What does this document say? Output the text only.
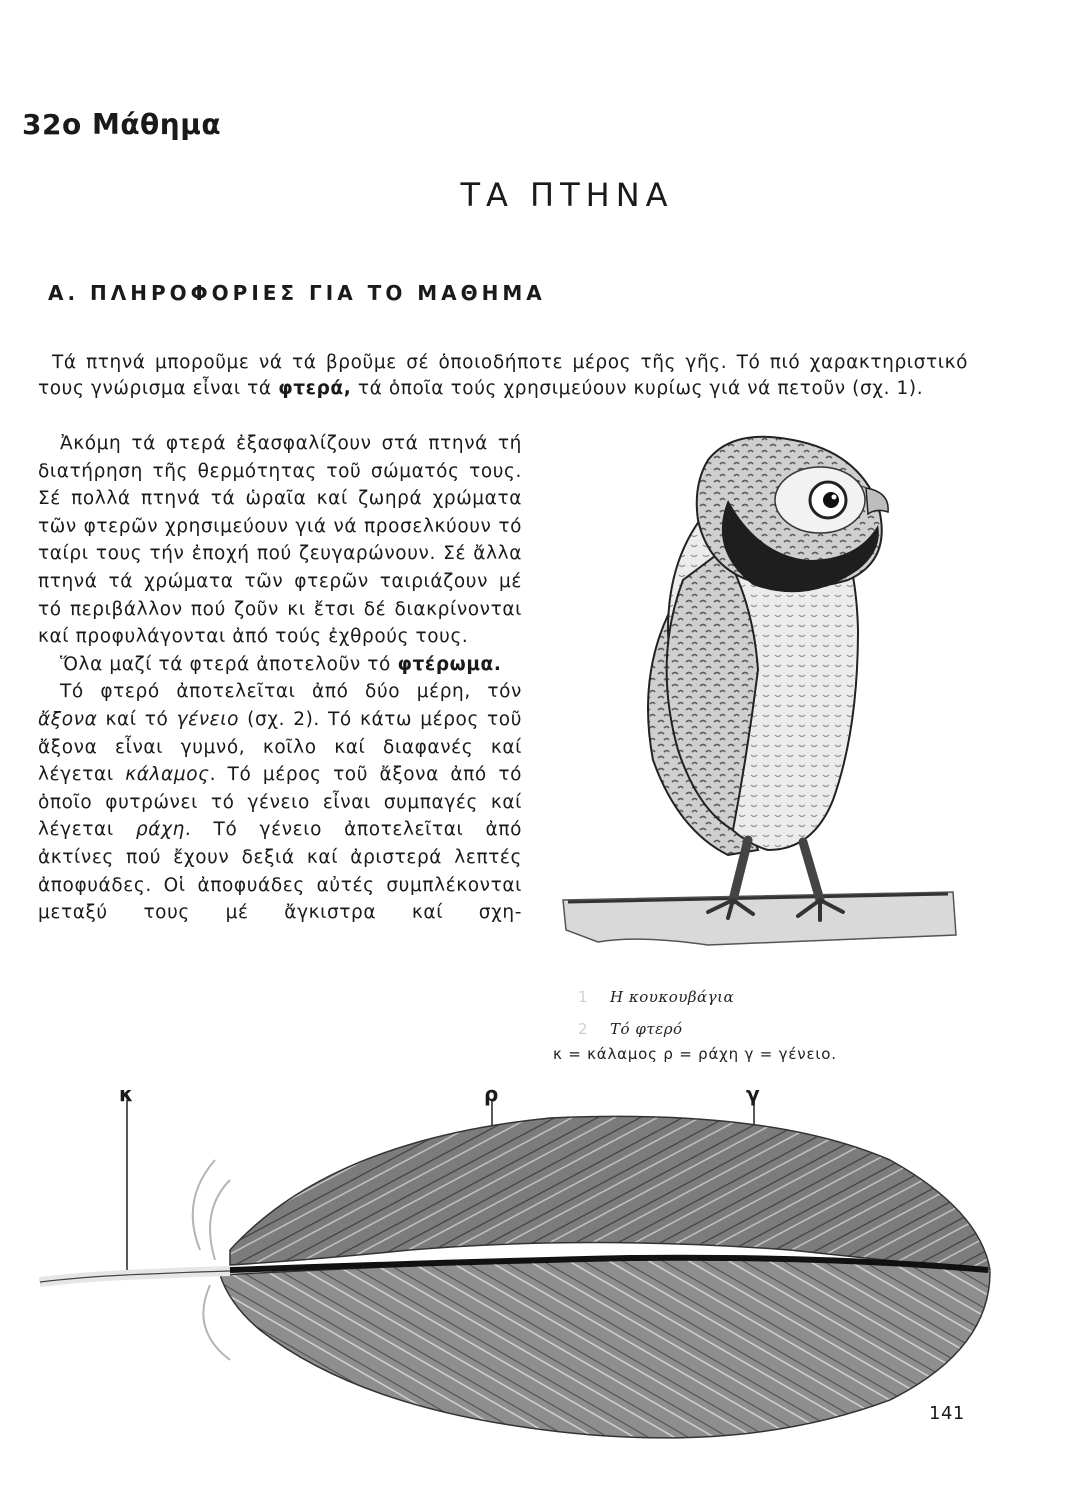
32ο Μάθημα
ΤΑ ΠΤΗΝΑ
Α. ΠΛΗΡΟΦΟΡΙΕΣ ΓΙΑ ΤΟ ΜΑΘΗΜΑ

Τά πτηνά μποροῦμε νά τά βροῦμε σέ ὁποιοδήποτε μέρος τῆς γῆς. Τό πιό χαρακτηριστικό τους γνώρισμα εἶναι τά φτερά, τά ὁποῖα τούς χρησιμεύουν κυρίως γιά νά πετοῦν (σχ. 1).

Ἀκόμη τά φτερά ἐξασφαλίζουν στά πτηνά τή διατήρηση τῆς θερμότητας τοῦ σώματός τους. Σέ πολλά πτηνά τά ὡραῖα καί ζωηρά χρώματα τῶν φτερῶν χρησιμεύουν γιά νά προσελκύουν τό ταίρι τους τήν ἐποχή πού ζευγαρώνουν. Σέ ἄλλα πτηνά τά χρώματα τῶν φτερῶν ταιριάζουν μέ τό περιβάλλον πού ζοῦν κι ἔτσι δέ διακρίνονται καί προφυλάγονται ἀπό τούς ἐχθρούς τους.

Ὅλα μαζί τά φτερά ἀποτελοῦν τό φτέρωμα.

Τό φτερό ἀποτελεῖται ἀπό δύο μέρη, τόν ἄξονα καί τό γένειο (σχ. 2). Τό κάτω μέρος τοῦ ἄξονα εἶναι γυμνό, κοῖλο καί διαφανές καί λέγεται κάλαμος. Τό μέρος τοῦ ἄξονα ἀπό τό ὁποῖο φυτρώνει τό γένειο εἶναι συμπαγές καί λέγεται ράχη. Τό γένειο ἀποτελεῖται ἀπό ἀκτίνες πού ἔχουν δεξιά καί ἀριστερά λεπτές ἀποφυάδες. Οἱ ἀποφυάδες αὐτές συμπλέκονται μεταξύ τους μέ ἄγκιστρα καί σχη-

1 Η κουκουβάγια
2 Τό φτερό
κ = κάλαμος ρ = ράχη γ = γένειο.
κ	ρ	γ
141
